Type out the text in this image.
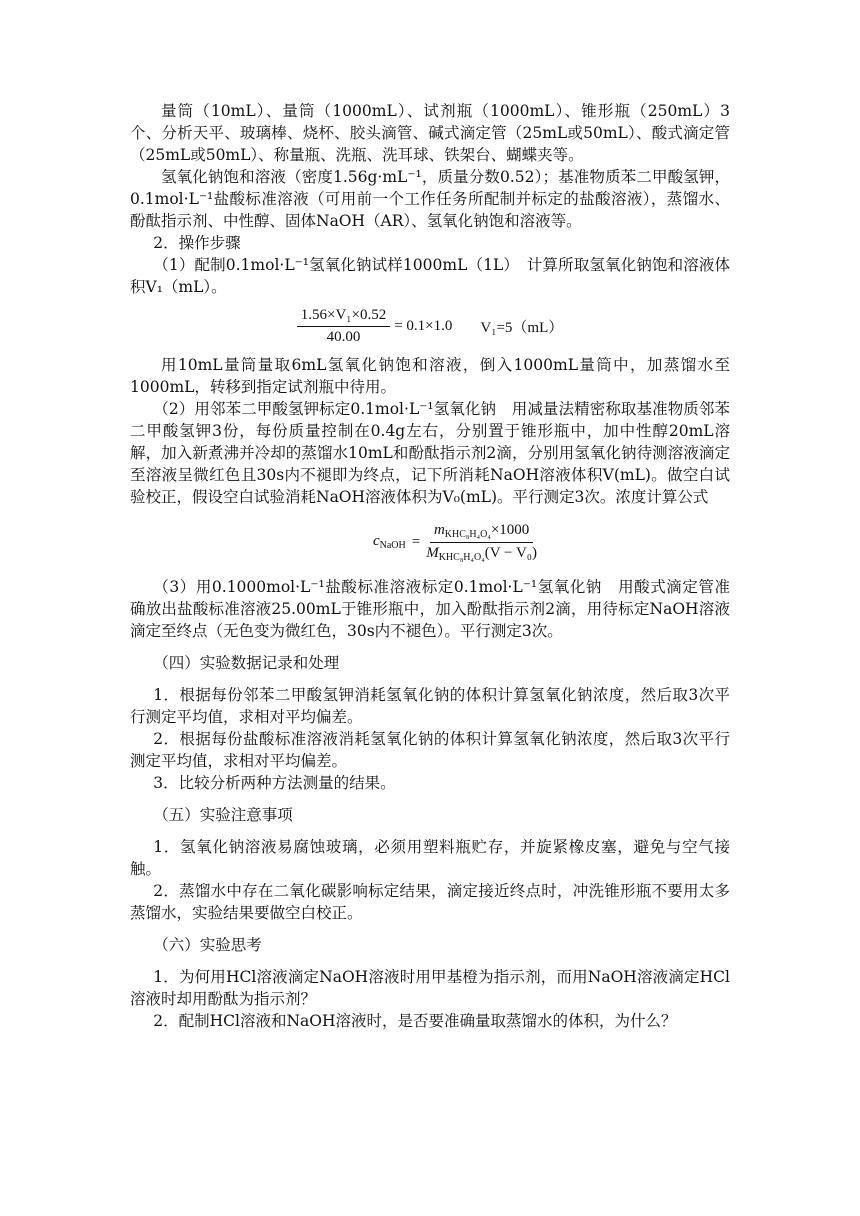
量筒（10mL）、量筒（1000mL）、试剂瓶（1000mL）、锥形瓶（250mL）3个、分析天平、玻璃棒、烧杯、胶头滴管、碱式滴定管（25mL或50mL）、酸式滴定管（25mL或50mL）、称量瓶、洗瓶、洗耳球、铁架台、蝴蝶夹等。

氢氧化钠饱和溶液（密度1.56g·mL⁻¹，质量分数0.52）；基准物质苯二甲酸氢钾，0.1mol·L⁻¹盐酸标准溶液（可用前一个工作任务所配制并标定的盐酸溶液），蒸馏水、酚酞指示剂、中性醇、固体NaOH（AR）、氢氧化钠饱和溶液等。

2．操作步骤

（1）配制0.1mol·L⁻¹氢氧化钠试样1000mL（1L）　计算所取氢氧化钠饱和溶液体积V₁（mL）。

$\frac{\text{1.56×V₁×0.52}}{40.00} = 0.1\times 1.0$ V₁=5（mL）

用10mL量筒量取6mL氢氧化钠饱和溶液，倒入1000mL量筒中，加蒸馏水至1000mL，转移到指定试剂瓶中待用。

（2）用邻苯二甲酸氢钾标定0.1mol·L⁻¹氢氧化钠　用减量法精密称取基准物质邻苯二甲酸氢钾3份，每份质量控制在0.4g左右，分别置于锥形瓶中，加中性醇20mL溶解，加入新煮沸并冷却的蒸馏水10mL和酚酞指示剂2滴，分别用氢氧化钠待测溶液滴定至溶液呈微红色且30s内不褪即为终点，记下所消耗NaOH溶液体积V(mL)。做空白试验校正，假设空白试验消耗NaOH溶液体积为V₀(mL)。平行测定3次。浓度计算公式

$c_{NaOH} = \frac{m_{KHC_8H_4O_4}\times 1000}{M_{KHC_8H_4O_4}(V - V_0)}$

（3）用0.1000mol·L⁻¹盐酸标准溶液标定0.1mol·L⁻¹氢氧化钠　用酸式滴定管准确放出盐酸标准溶液25.00mL于锥形瓶中，加入酚酞指示剂2滴，用待标定NaOH溶液滴定至终点（无色变为微红色，30s内不褪色）。平行测定3次。

（四）实验数据记录和处理

1．根据每份邻苯二甲酸氢钾消耗氢氧化钠的体积计算氢氧化钠浓度，然后取3次平行测定平均值，求相对平均偏差。

2．根据每份盐酸标准溶液消耗氢氧化钠的体积计算氢氧化钠浓度，然后取3次平行测定平均值，求相对平均偏差。

3．比较分析两种方法测量的结果。

（五）实验注意事项

1．氢氧化钠溶液易腐蚀玻璃，必须用塑料瓶贮存，并旋紧橡皮塞，避免与空气接触。

2．蒸馏水中存在二氧化碳影响标定结果，滴定接近终点时，冲洗锥形瓶不要用太多蒸馏水，实验结果要做空白校正。

（六）实验思考

1．为何用HCl溶液滴定NaOH溶液时用甲基橙为指示剂，而用NaOH溶液滴定HCl溶液时却用酚酞为指示剂？

2．配制HCl溶液和NaOH溶液时，是否要准确量取蒸馏水的体积，为什么？
